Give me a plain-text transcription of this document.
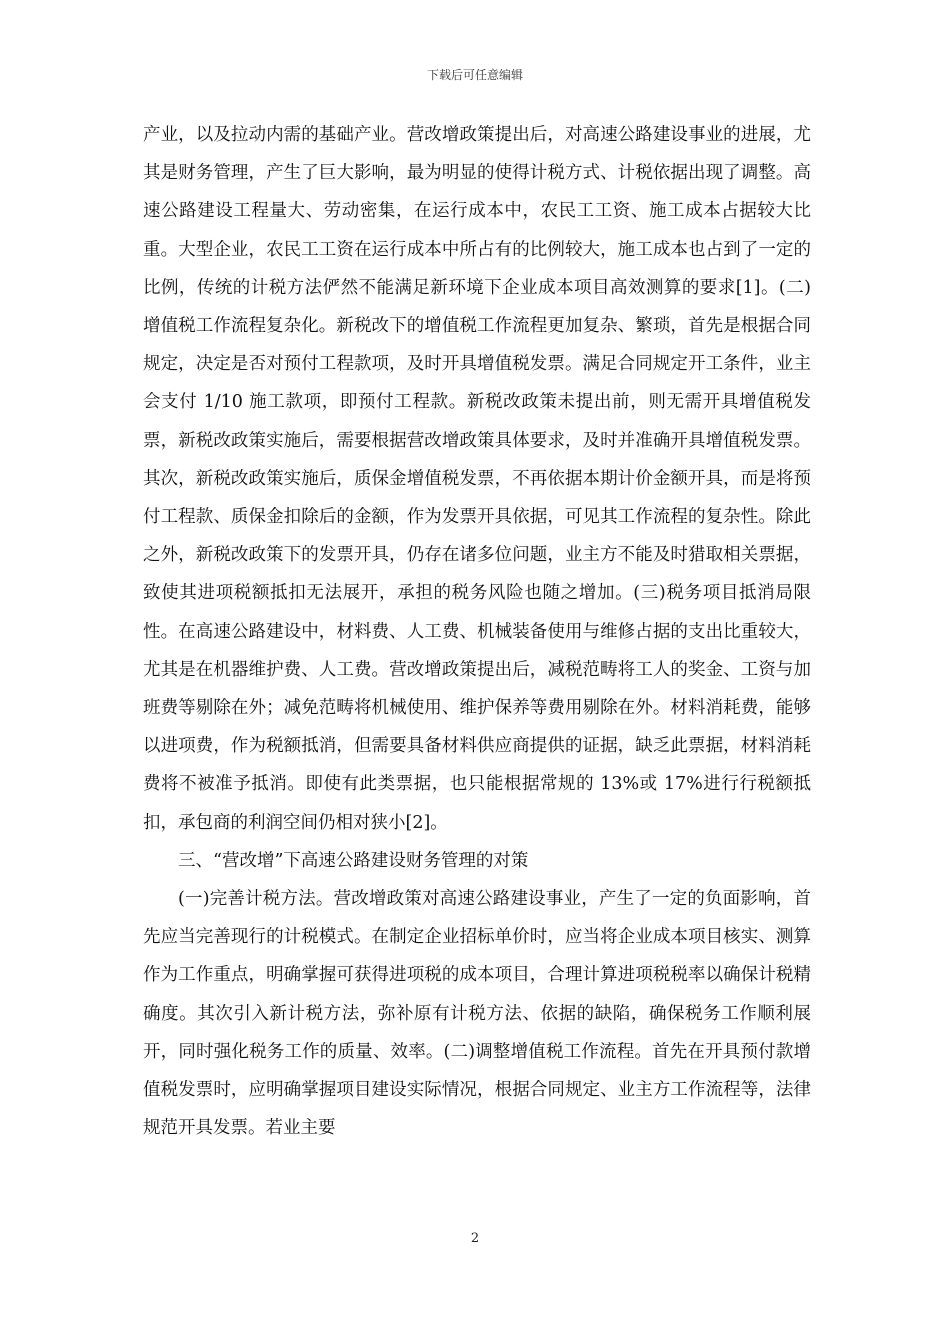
下载后可任意编辑

产业，以及拉动内需的基础产业。营改增政策提出后，对高速公路建设事业的进展，尤其是财务管理，产生了巨大影响，最为明显的使得计税方式、计税依据出现了调整。高速公路建设工程量大、劳动密集，在运行成本中，农民工工资、施工成本占据较大比重。大型企业，农民工工资在运行成本中所占有的比例较大，施工成本也占到了一定的比例，传统的计税方法俨然不能满足新环境下企业成本项目高效测算的要求[1]。(二)增值税工作流程复杂化。新税改下的增值税工作流程更加复杂、繁琐，首先是根据合同规定，决定是否对预付工程款项，及时开具增值税发票。满足合同规定开工条件，业主会支付 1/10 施工款项，即预付工程款。新税改政策未提出前，则无需开具增值税发票，新税改政策实施后，需要根据营改增政策具体要求，及时并准确开具增值税发票。其次，新税改政策实施后，质保金增值税发票，不再依据本期计价金额开具，而是将预付工程款、质保金扣除后的金额，作为发票开具依据，可见其工作流程的复杂性。除此之外，新税改政策下的发票开具，仍存在诸多位问题，业主方不能及时猎取相关票据，致使其进项税额抵扣无法展开，承担的税务风险也随之增加。(三)税务项目抵消局限性。在高速公路建设中，材料费、人工费、机械装备使用与维修占据的支出比重较大，尤其是在机器维护费、人工费。营改增政策提出后，减税范畴将工人的奖金、工资与加班费等剔除在外；减免范畴将机械使用、维护保养等费用剔除在外。材料消耗费，能够以进项费，作为税额抵消，但需要具备材料供应商提供的证据，缺乏此票据，材料消耗费将不被准予抵消。即使有此类票据，也只能根据常规的 13%或 17%进行行税额抵扣，承包商的利润空间仍相对狭小[2]。

三、“营改增”下高速公路建设财务管理的对策

(一)完善计税方法。营改增政策对高速公路建设事业，产生了一定的负面影响，首先应当完善现行的计税模式。在制定企业招标单价时，应当将企业成本项目核实、测算作为工作重点，明确掌握可获得进项税的成本项目，合理计算进项税税率以确保计税精确度。其次引入新计税方法，弥补原有计税方法、依据的缺陷，确保税务工作顺利展开，同时强化税务工作的质量、效率。(二)调整增值税工作流程。首先在开具预付款增值税发票时，应明确掌握项目建设实际情况，根据合同规定、业主方工作流程等，法律规范开具发票。若业主要

2
